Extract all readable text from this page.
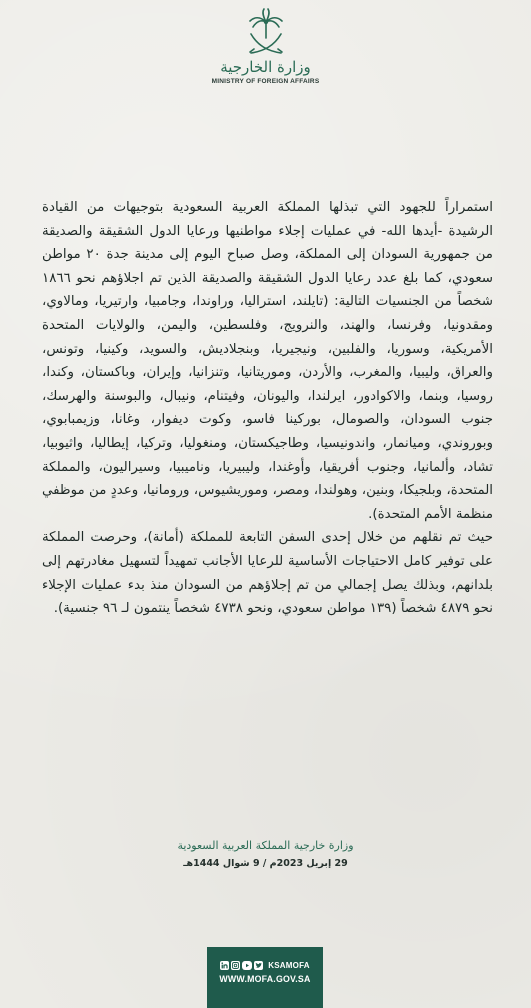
وزارة الخارجية
MINISTRY OF FOREIGN AFFAIRS

استمراراً للجهود التي تبذلها المملكة العربية السعودية بتوجيهات من القيادة الرشيدة -أيدها الله- في عمليات إجلاء مواطنيها ورعايا الدول الشقيقة والصديقة من جمهورية السودان إلى المملكة، وصل صباح اليوم إلى مدينة جدة ٢٠ مواطن سعودي، كما بلغ عدد رعايا الدول الشقيقة والصديقة الذين تم اجلاؤهم نحو ١٨٦٦ شخصاً من الجنسيات التالية: (تايلند، استراليا، وراوندا، وجامبيا، وارتيريا، ومالاوي، ومقدونيا، وفرنسا، والهند، والنرويج، وفلسطين، واليمن، والولايات المتحدة الأمريكية، وسوريا، والفلبين، ونيجيريا، وبنجلاديش، والسويد، وكينيا، وتونس، والعراق، وليبيا، والمغرب، والأردن، وموريتانيا، وتنزانيا، وإيران، وباكستان، وكندا، روسيا، وبنما، والاكوادور، ايرلندا، واليونان، وفيتنام، ونيبال، والبوسنة والهرسك، جنوب السودان، والصومال، بوركينا فاسو، وكوت ديفوار، وغانا، وزيمبابوي، وبوروندي، وميانمار، واندونيسيا، وطاجيكستان، ومنغوليا، وتركيا، إيطاليا، واثيوبيا، تشاد، وألمانيا، وجنوب أفريقيا، وأوغندا، وليبيريا، وناميبيا، وسيراليون، والمملكة المتحدة، وبلجيكا، وبنين، وهولندا، ومصر، وموريشيوس، ورومانيا، وعددٍ من موظفي منظمة الأمم المتحدة).

حيث تم نقلهم من خلال إحدى السفن التابعة للمملكة (أمانة)، وحرصت المملكة على توفير كامل الاحتياجات الأساسية للرعايا الأجانب تمهيداً لتسهيل مغادرتهم إلى بلدانهم، وبذلك يصل إجمالي من تم إجلاؤهم من السودان منذ بدء عمليات الإجلاء نحو ٤٨٧٩ شخصاً (١٣٩ مواطن سعودي، ونحو ٤٧٣٨ شخصاً ينتمون لـ ٩٦ جنسية).

وزارة خارجية المملكة العربية السعودية
29 إبريل 2023م / 9 شوال 1444هـ
KSAMOFA
WWW.MOFA.GOV.SA
